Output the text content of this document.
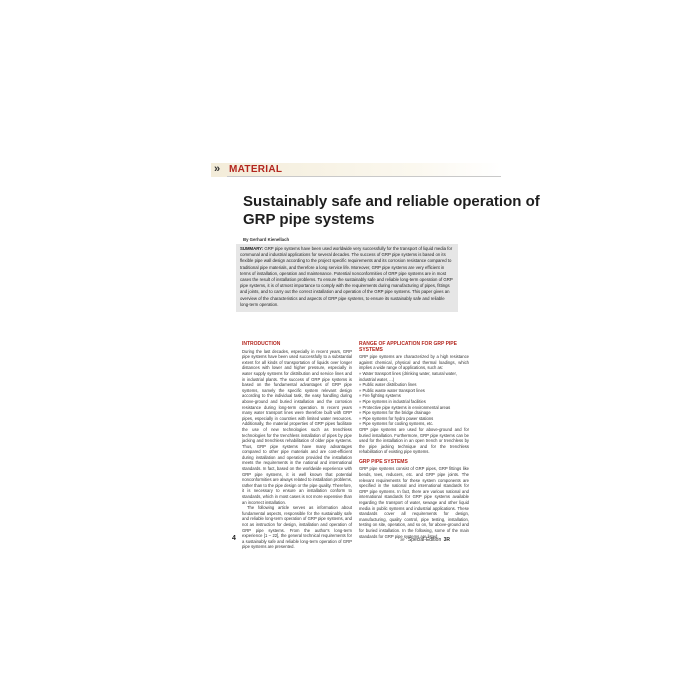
» MATERIAL
Sustainably safe and reliable operation of GRP pipe systems
By Gerhard Kienellach

SUMMARY: GRP pipe systems have been used worldwide very successfully for the transport of liquid media for communal and industrial applications for several decades. The success of GRP pipe systems is based on its flexible pipe wall design according to the project specific requirements and its corrosion resistance compared to traditional pipe materials, and therefore a long service life. Moreover, GRP pipe systems are very efficient in terms of installation, operation and maintenance. Potential nonconformities of GRP pipe systems are in most cases the result of installation problems. To ensure the sustainably safe and reliable long-term operation of GRP pipe systems, it is of utmost importance to comply with the requirements during manufacturing of pipes, fittings and joints, and to carry out the correct installation and operation of the GRP pipe systems. This paper gives an overview of the characteristics and aspects of GRP pipe systems, to ensure its sustainably safe and reliable long-term operation.

INTRODUCTION

During the last decades, especially in recent years, GRP pipe systems have been used successfully to a substantial extent for all kinds of transportation of liquids over longer distances with lower and higher pressure, especially in water supply systems for distribution and service lines and in industrial plants. The success of GRP pipe systems is based on the fundamental advantages of GRP pipe systems, namely the specific system relevant design according to the individual task, the easy handling during above-ground and buried installation and the corrosion resistance during long-term operation. In recent years many water transport lines were therefore built with GRP pipes, especially in countries with limited water resources. Additionally, the material properties of GRP pipes facilitate the use of new technologies such as trenchless technologies for the trenchless installation of pipes by pipe jacking and trenchless rehabilitation of older pipe systems. Thus, GRP pipe systems have many advantages compared to other pipe materials and are cost-efficient during installation and operation provided the installation meets the requirements in the national and international standards. In fact, based on the worldwide experience with GRP pipe systems, it is well known that potential nonconformities are always related to installation problems, rather than to the pipe design or the pipe quality. Therefore, it is necessary to ensure an installation conform to standards, which in most cases is not more expensive than an incorrect installation.

The following article serves as information about fundamental aspects, responsible for the sustainably safe and reliable long-term operation of GRP pipe systems, and not as instruction for design, installation and operation of GRP pipe systems. From the author's long-term experience [1 – 22], the general technical requirements for a sustainably safe and reliable long-term operation of GRP pipe systems are presented.

RANGE OF APPLICATION FOR GRP PIPE SYSTEMS

GRP pipe systems are characterized by a high resistance against chemical, physical and thermal loadings, which implies a wide range of applications, such as:

» Water transport lines (drinking water, natural water, industrial water, ...)
» Public water distribution lines
» Public waste water transport lines
» Fire fighting systems
» Pipe systems in industrial facilities
» Protective pipe systems in environmental areas
» Pipe systems for the bridge drainage
» Pipe systems for hydro power stations
» Pipe systems for cooling systems, etc.

GRP pipe systems are used for above-ground and for buried installation. Furthermore, GRP pipe systems can be used for the installation in an open trench or trenchless by the pipe jacking technique and for the trenchless rehabilitation of existing pipe systems.

GRP PIPE SYSTEMS

GRP pipe systems consist of GRP pipes, GRP fittings like bends, tees, reducers, etc. and GRP pipe joints. The relevant requirements for these system components are specified in the national and international standards for GRP pipe systems. In fact, there are various national and international standards for GRP pipe systems available regarding the transport of water, sewage and other liquid media in public systems and industrial applications. These standards cover all requirements for design, manufacturing, quality control, pipe testing, installation, testing on site, operation, and so on, for above-ground and for buried installation. In the following, some of the main standards for GRP pipe systems are listed.

4	3R Special-Edition 3R
